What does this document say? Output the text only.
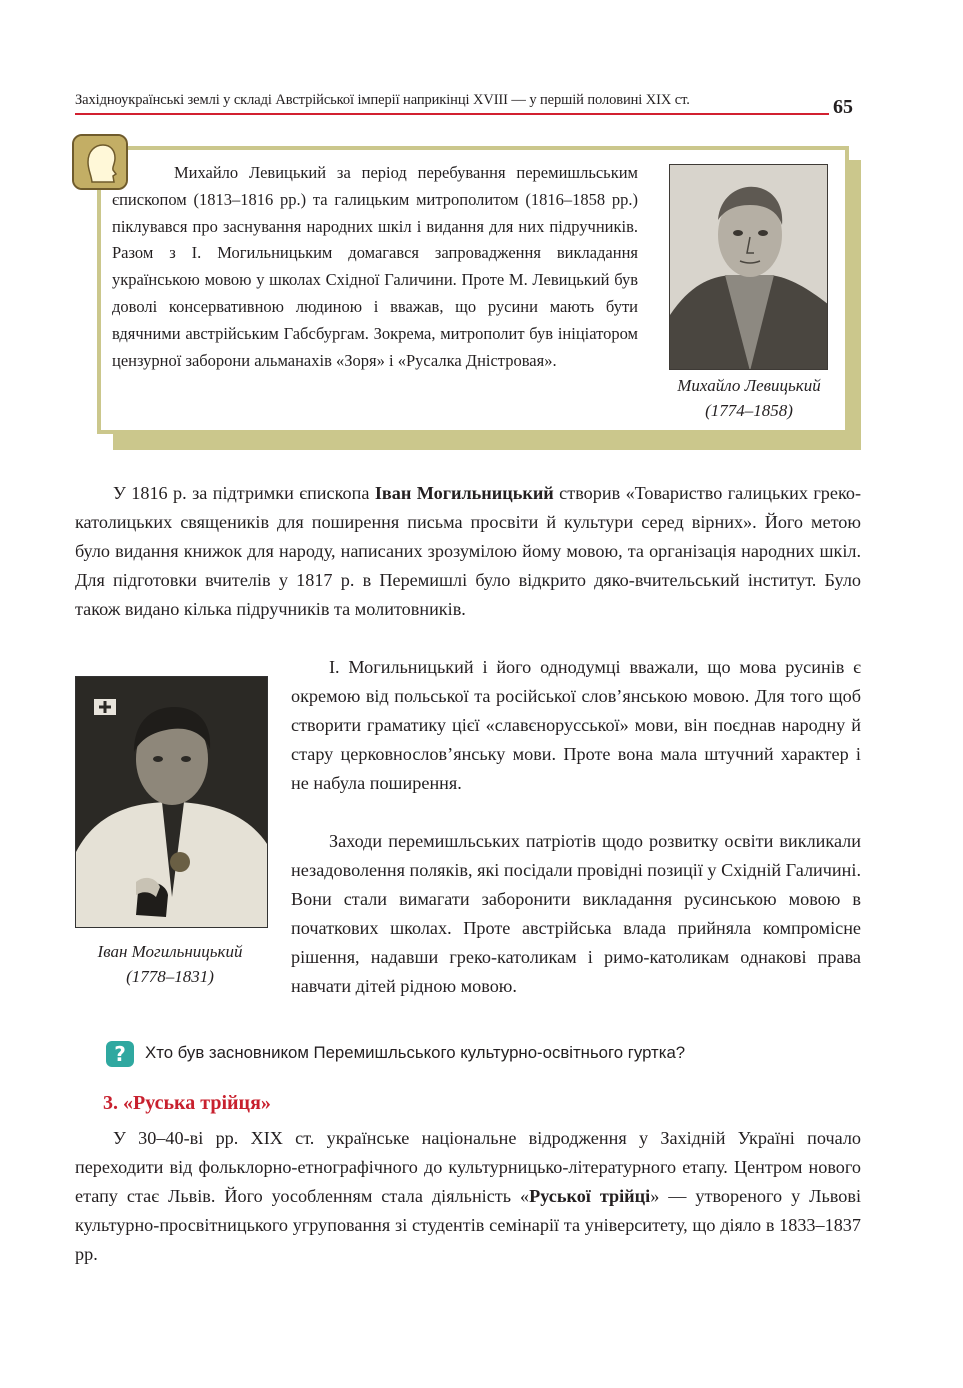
Західноукраїнські землі у складі Австрійської імперії наприкінці XVIII — у першій половині XIX ст.	65

Михайло Левицький за період перебування перемишльським єпископом (1813–1816 рр.) та галицьким митрополитом (1816–1858 рр.) піклувався про заснування народних шкіл і видання для них підручників. Разом з І. Могильницьким домагався запровадження викладання українською мовою у школах Східної Галичини. Проте М. Левицький був доволі консервативною людиною і вважав, що русини мають бути вдячними австрійським Габсбургам. Зокрема, митрополит був ініціатором цензурної заборони альманахів «Зоря» і «Русалка Дністровая».

Михайло Левицький
(1774–1858)

У 1816 р. за підтримки єпископа Іван Могильницький створив «Товариство галицьких греко-католицьких священиків для поширення письма просвіти й культури серед вірних». Його метою було видання книжок для народу, написаних зрозумілою йому мовою, та організація народних шкіл. Для підготовки вчителів у 1817 р. в Перемишлі було відкрито дяко-вчительський інститут. Було також видано кілька підручників та молитовників.

Іван Могильницький
(1778–1831)

І. Могильницький і його однодумці вважали, що мова русинів є окремою від польської та російської слов’янською мовою. Для того щоб створити граматику цієї «славєнорусської» мови, він поєднав народну й стару церковнослов’янську мови. Проте вона мала штучний характер і не набула поширення.

Заходи перемишльських патріотів щодо розвитку освіти викликали незадоволення поляків, які посідали провідні позиції у Східній Галичині. Вони стали вимагати заборонити викладання русинською мовою в початкових школах. Проте австрійська влада прийняла компромісне рішення, надавши греко-католикам і римо-католикам однакові права навчати дітей рідною мовою.

?	Хто був засновником Перемишльського культурно-освітнього гуртка?
3. «Руська трійця»

У 30–40-ві рр. XIX ст. українське національне відродження у Західній Україні почало переходити від фольклорно-етнографічного до культурницько-літературного етапу. Центром нового етапу стає Львів. Його уособленням стала діяльність «Руської трійці» — утвореного у Львові культурно-просвітницького угруповання зі студентів семінарії та університету, що діяло в 1833–1837 рр.
